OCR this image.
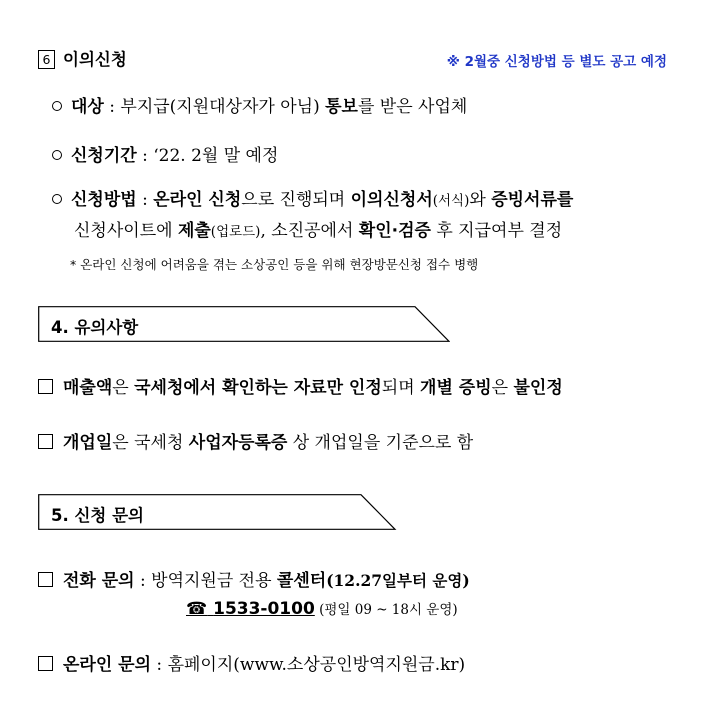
6 이의신청	※ 2월중 신청방법 등 별도 공고 예정
대상 : 부지급(지원대상자가 아님) 통보를 받은 사업체
신청기간 : ‘22. 2월 말 예정
신청방법 : 온라인 신청으로 진행되며 이의신청서(서식)와 증빙서류를
신청사이트에 제출(업로드), 소진공에서 확인·검증 후 지급여부 결정
* 온라인 신청에 어려움을 겪는 소상공인 등을 위해 현장방문신청 접수 병행
4. 유의사항
매출액은 국세청에서 확인하는 자료만 인정되며 개별 증빙은 불인정
개업일은 국세청 사업자등록증 상 개업일을 기준으로 함
5. 신청 문의
전화 문의 : 방역지원금 전용 콜센터(12.27일부터 운영)
☎ 1533-0100 (평일 09 ~ 18시 운영)
온라인 문의 : 홈페이지(www.소상공인방역지원금.kr)
